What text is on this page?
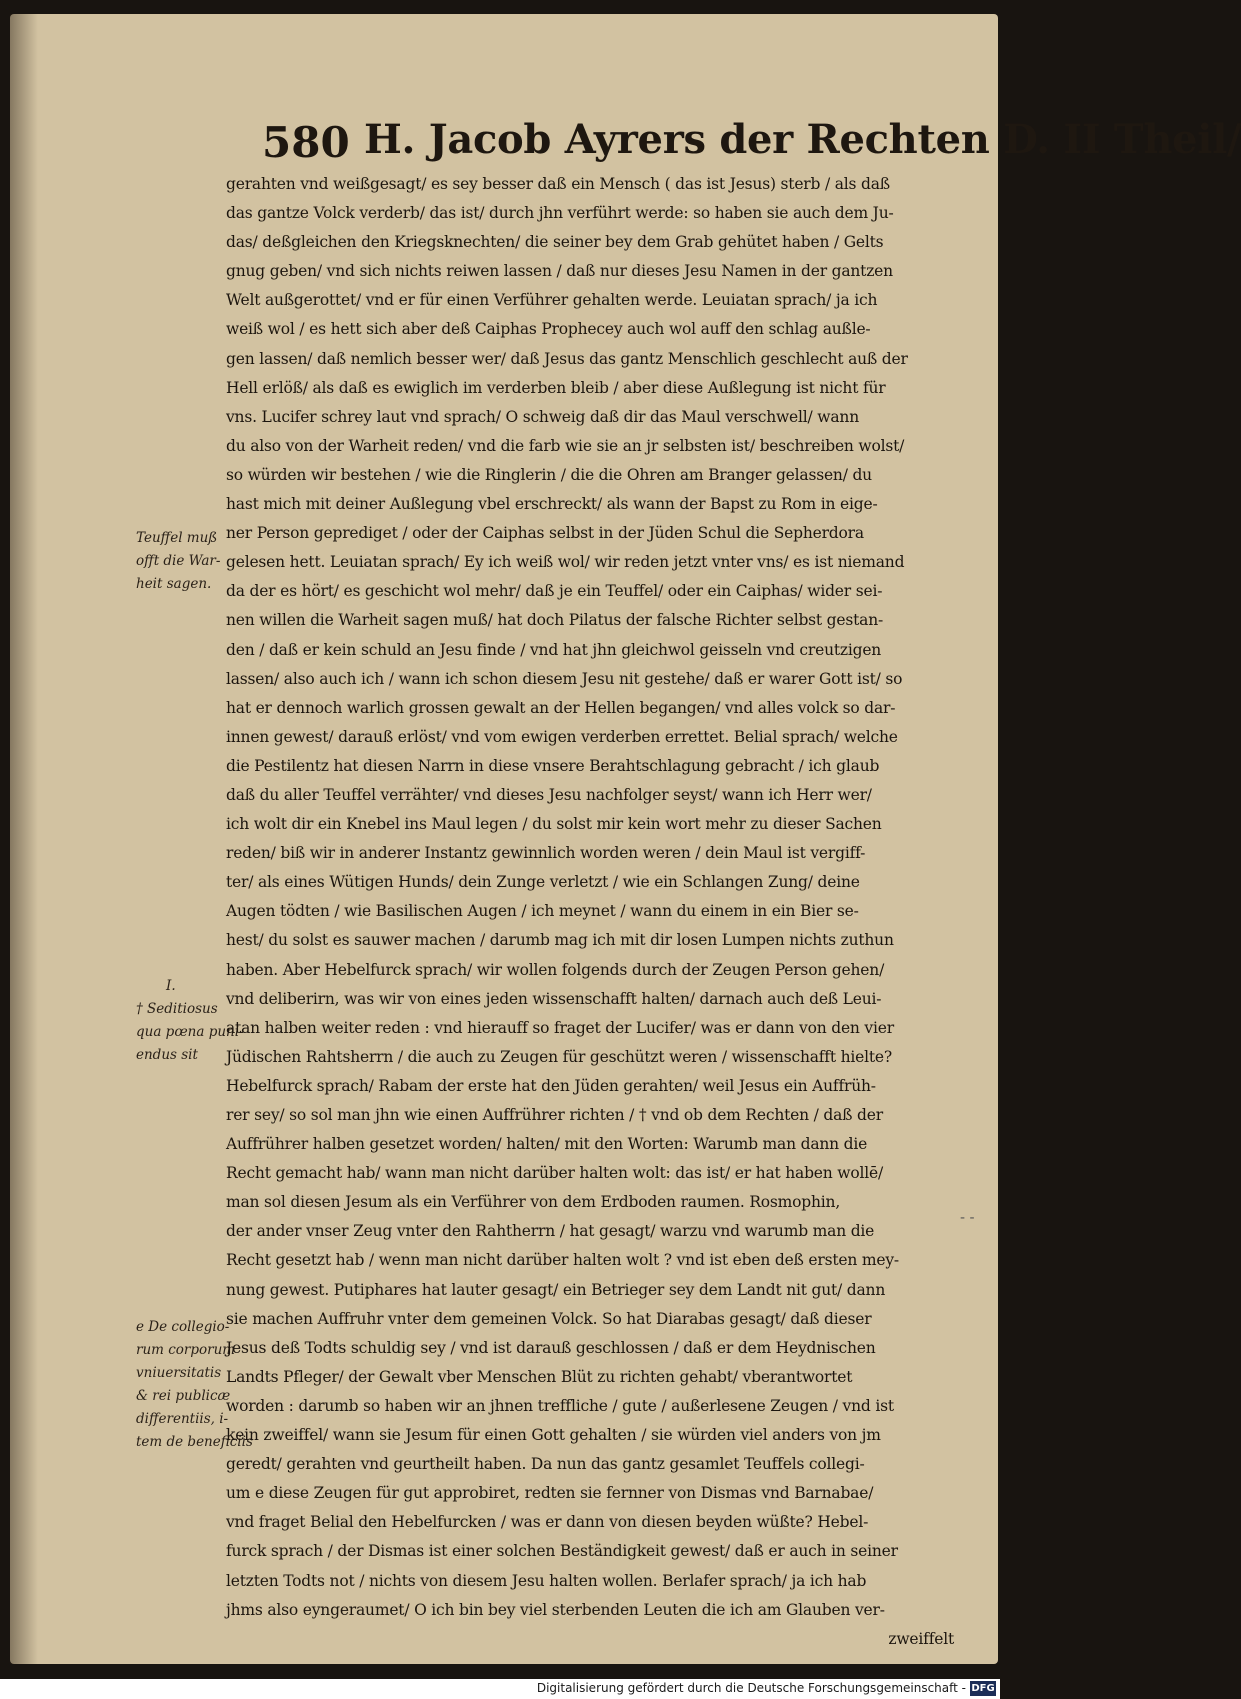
580 H. Jacob Ayrers der Rechten D. II Theil/
Teuffel muß
offt die War-
heit sagen.
I.
† Seditiosus
qua pœna puni-
endus sit
e De collegio-
rum corporum
vniuersitatis
& rei publicæ
differentiis, i-
tem de beneficiis
gerahten vnd weißgesagt/ es sey besser daß ein Mensch ( das ist Jesus) sterb / als daß
das gantze Volck verderb/ das ist/ durch jhn verführt werde: so haben sie auch dem Ju-
das/ deßgleichen den Kriegsknechten/ die seiner bey dem Grab gehütet haben / Gelts
gnug geben/ vnd sich nichts reiwen lassen / daß nur dieses Jesu Namen in der gantzen
Welt außgerottet/ vnd er für einen Verführer gehalten werde. Leuiatan sprach/ ja ich
weiß wol / es hett sich aber deß Caiphas Prophecey auch wol auff den schlag außle-
gen lassen/ daß nemlich besser wer/ daß Jesus das gantz Menschlich geschlecht auß der
Hell erlöß/ als daß es ewiglich im verderben bleib / aber diese Außlegung ist nicht für
vns. Lucifer schrey laut vnd sprach/ O schweig daß dir das Maul verschwell/ wann
du also von der Warheit reden/ vnd die farb wie sie an jr selbsten ist/ beschreiben wolst/
so würden wir bestehen / wie die Ringlerin / die die Ohren am Branger gelassen/ du
hast mich mit deiner Außlegung vbel erschreckt/ als wann der Bapst zu Rom in eige-
ner Person geprediget / oder der Caiphas selbst in der Jüden Schul die Sepherdora
gelesen hett. Leuiatan sprach/ Ey ich weiß wol/ wir reden jetzt vnter vns/ es ist niemand
da der es hört/ es geschicht wol mehr/ daß je ein Teuffel/ oder ein Caiphas/ wider sei-
nen willen die Warheit sagen muß/ hat doch Pilatus der falsche Richter selbst gestan-
den / daß er kein schuld an Jesu finde / vnd hat jhn gleichwol geisseln vnd creutzigen
lassen/ also auch ich / wann ich schon diesem Jesu nit gestehe/ daß er warer Gott ist/ so
hat er dennoch warlich grossen gewalt an der Hellen begangen/ vnd alles volck so dar-
innen gewest/ darauß erlöst/ vnd vom ewigen verderben errettet. Belial sprach/ welche
die Pestilentz hat diesen Narrn in diese vnsere Berahtschlagung gebracht / ich glaub
daß du aller Teuffel verrähter/ vnd dieses Jesu nachfolger seyst/ wann ich Herr wer/
ich wolt dir ein Knebel ins Maul legen / du solst mir kein wort mehr zu dieser Sachen
reden/ biß wir in anderer Instantz gewinnlich worden weren / dein Maul ist vergiff-
ter/ als eines Wütigen Hunds/ dein Zunge verletzt / wie ein Schlangen Zung/ deine
Augen tödten / wie Basilischen Augen / ich meynet / wann du einem in ein Bier se-
hest/ du solst es sauwer machen / darumb mag ich mit dir losen Lumpen nichts zuthun
haben. Aber Hebelfurck sprach/ wir wollen folgends durch der Zeugen Person gehen/
vnd deliberirn, was wir von eines jeden wissenschafft halten/ darnach auch deß Leui-
atan halben weiter reden : vnd hierauff so fraget der Lucifer/ was er dann von den vier
Jüdischen Rahtsherrn / die auch zu Zeugen für geschützt weren / wissenschafft hielte?
Hebelfurck sprach/ Rabam der erste hat den Jüden gerahten/ weil Jesus ein Auffrüh-
rer sey/ so sol man jhn wie einen Auffrührer richten / † vnd ob dem Rechten / daß der
Auffrührer halben gesetzet worden/ halten/ mit den Worten: Warumb man dann die
Recht gemacht hab/ wann man nicht darüber halten wolt: das ist/ er hat haben wollē/
man sol diesen Jesum als ein Verführer von dem Erdboden raumen. Rosmophin,
der ander vnser Zeug vnter den Rahtherrn / hat gesagt/ warzu vnd warumb man die
Recht gesetzt hab / wenn man nicht darüber halten wolt ? vnd ist eben deß ersten mey-
nung gewest. Putiphares hat lauter gesagt/ ein Betrieger sey dem Landt nit gut/ dann
sie machen Auffruhr vnter dem gemeinen Volck. So hat Diarabas gesagt/ daß dieser
Jesus deß Todts schuldig sey / vnd ist darauß geschlossen / daß er dem Heydnischen
Landts Pfleger/ der Gewalt vber Menschen Blüt zu richten gehabt/ vberantwortet
worden : darumb so haben wir an jhnen treffliche / gute / außerlesene Zeugen / vnd ist
kein zweiffel/ wann sie Jesum für einen Gott gehalten / sie würden viel anders von jm
geredt/ gerahten vnd geurtheilt haben. Da nun das gantz gesamlet Teuffels collegi-
um e diese Zeugen für gut approbiret, redten sie fernner von Dismas vnd Barnabae/
vnd fraget Belial den Hebelfurcken / was er dann von diesen beyden wüßte? Hebel-
furck sprach / der Dismas ist einer solchen Beständigkeit gewest/ daß er auch in seiner
letzten Todts not / nichts von diesem Jesu halten wollen. Berlafer sprach/ ja ich hab
jhms also eyngeraumet/ O ich bin bey viel sterbenden Leuten die ich am Glauben ver-
zweiffelt
- -
Digitalisierung gefördert durch die Deutsche Forschungsgemeinschaft - DFG
